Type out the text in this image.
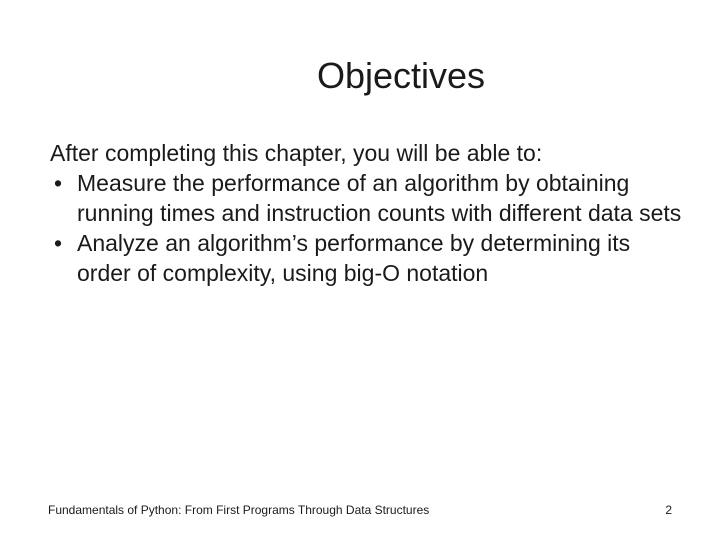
Objectives

After completing this chapter, you will be able to:

• Measure the performance of an algorithm by obtaining running times and instruction counts with different data sets
• Analyze an algorithm’s performance by determining its order of complexity, using big-O notation
Fundamentals of Python: From First Programs Through Data Structures	2
